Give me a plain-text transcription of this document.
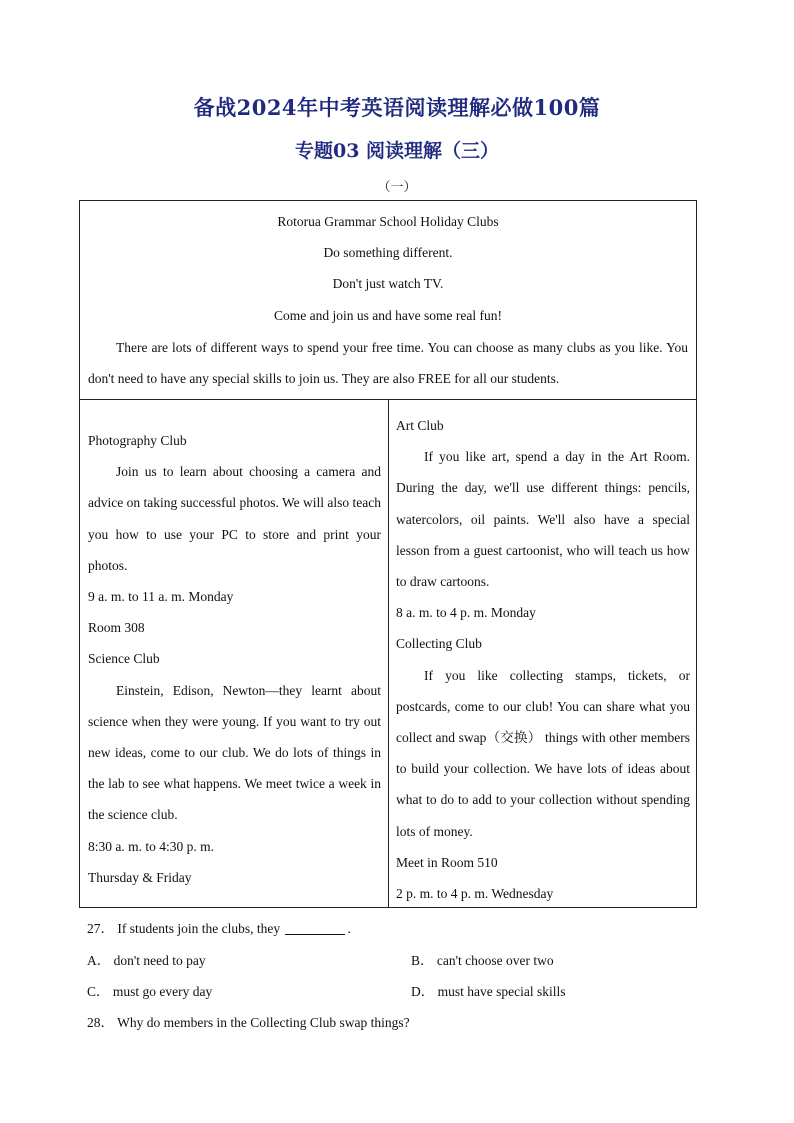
备战2024年中考英语阅读理解必做100篇
专题03 阅读理解（三）
（一）
Rotorua Grammar School Holiday Clubs
Do something different.
Don't just watch TV.
Come and join us and have some real fun!
There are lots of different ways to spend your free time. You can choose as many clubs as you like. You don't need to have any special skills to join us. They are also FREE for all our students.

Photography Club

Join us to learn about choosing a camera and advice on taking successful photos. We will also teach you how to use your PC to store and print your photos.

9 a. m. to 11 a. m. Monday

Room 308

Science Club

Einstein, Edison, Newton—they learnt about science when they were young. If you want to try out new ideas, come to our club. We do lots of things in the lab to see what happens. We meet twice a week in the science club.

8:30 a. m. to 4:30 p. m.

Thursday & Friday

Art Club

If you like art, spend a day in the Art Room. During the day, we'll use different things: pencils, watercolors, oil paints. We'll also have a special lesson from a guest cartoonist, who will teach us how to draw cartoons.

8 a. m. to 4 p. m. Monday

Collecting Club

If you like collecting stamps, tickets, or postcards, come to our club! You can share what you collect and swap（交换） things with other members to build your collection. We have lots of ideas about what to do to add to your collection without spending lots of money.

Meet in Room 510

2 p. m. to 4 p. m. Wednesday

27． If students join the clubs, they	.
A． don't need to pay	B． can't choose over two
C． must go every day	D． must have special skills
28． Why do members in the Collecting Club swap things?
